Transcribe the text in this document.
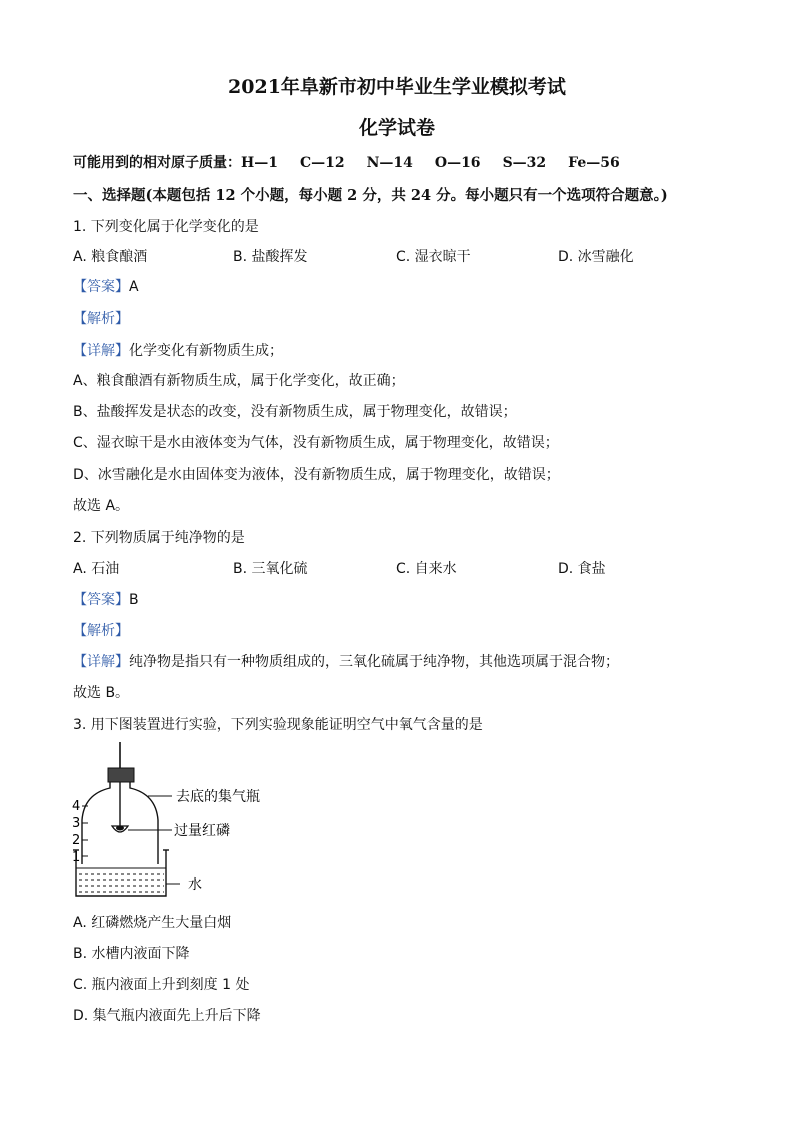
2021年阜新市初中毕业生学业模拟考试
化学试卷
可能用到的相对原子质量：H—1 C—12 N—14 O—16 S—32 Fe—56
一、选择题(本题包括 12 个小题，每小题 2 分，共 24 分。每小题只有一个选项符合题意。)
1. 下列变化属于化学变化的是
A. 粮食酿酒	B. 盐酸挥发	C. 湿衣晾干	D. 冰雪融化
【答案】A
【解析】
【详解】化学变化有新物质生成；
A、粮食酿酒有新物质生成，属于化学变化，故正确；
B、盐酸挥发是状态的改变，没有新物质生成，属于物理变化，故错误；
C、湿衣晾干是水由液体变为气体，没有新物质生成，属于物理变化，故错误；
D、冰雪融化是水由固体变为液体，没有新物质生成，属于物理变化，故错误；
故选 A。
2. 下列物质属于纯净物的是
A. 石油	B. 三氧化硫	C. 自来水	D. 食盐
【答案】B
【解析】
【详解】纯净物是指只有一种物质组成的，三氧化硫属于纯净物，其他选项属于混合物；
故选 B。
3. 用下图装置进行实验，下列实验现象能证明空气中氧气含量的是
4
3
2
1
去底的集气瓶
过量红磷
水
A. 红磷燃烧产生大量白烟
B. 水槽内液面下降
C. 瓶内液面上升到刻度 1 处
D. 集气瓶内液面先上升后下降
